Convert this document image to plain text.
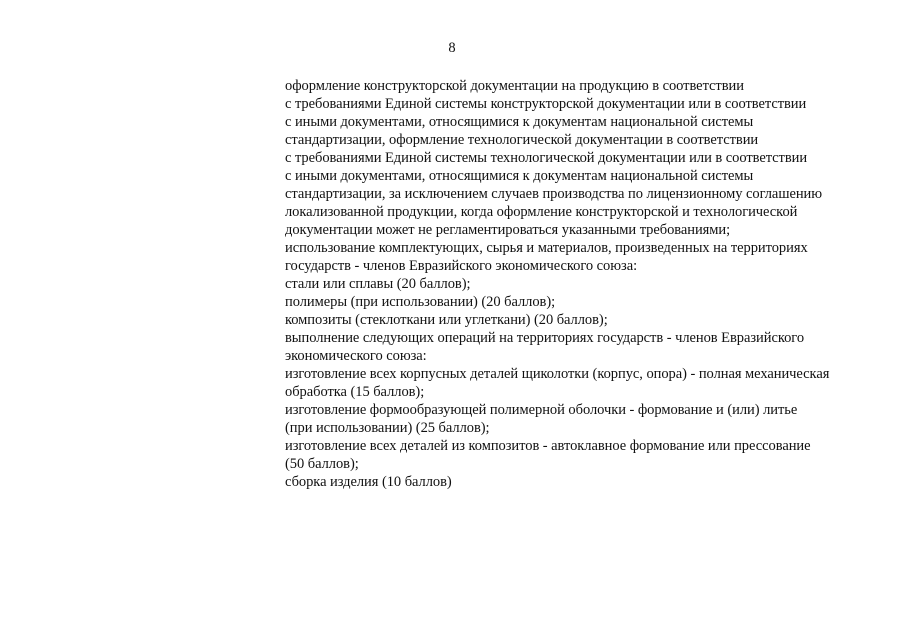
8
оформление конструкторской документации на продукцию в соответствии
с требованиями Единой системы конструкторской документации или в соответствии
с иными документами, относящимися к документам национальной системы
стандартизации, оформление технологической документации в соответствии
с требованиями Единой системы технологической документации или в соответствии
с иными документами, относящимися к документам национальной системы
стандартизации, за исключением случаев производства по лицензионному соглашению
локализованной продукции, когда оформление конструкторской и технологической
документации может не регламентироваться указанными требованиями;
использование комплектующих, сырья и материалов, произведенных на территориях
государств - членов Евразийского экономического союза:
стали или сплавы (20 баллов);
полимеры (при использовании) (20 баллов);
композиты (стеклоткани или углеткани) (20 баллов);
выполнение следующих операций на территориях государств - членов Евразийского
экономического союза:
изготовление всех корпусных деталей щиколотки (корпус, опора) - полная механическая
обработка (15 баллов);
изготовление формообразующей полимерной оболочки - формование и (или) литье
(при использовании) (25 баллов);
изготовление всех деталей из композитов - автоклавное формование или прессование
(50 баллов);
сборка изделия (10 баллов)
